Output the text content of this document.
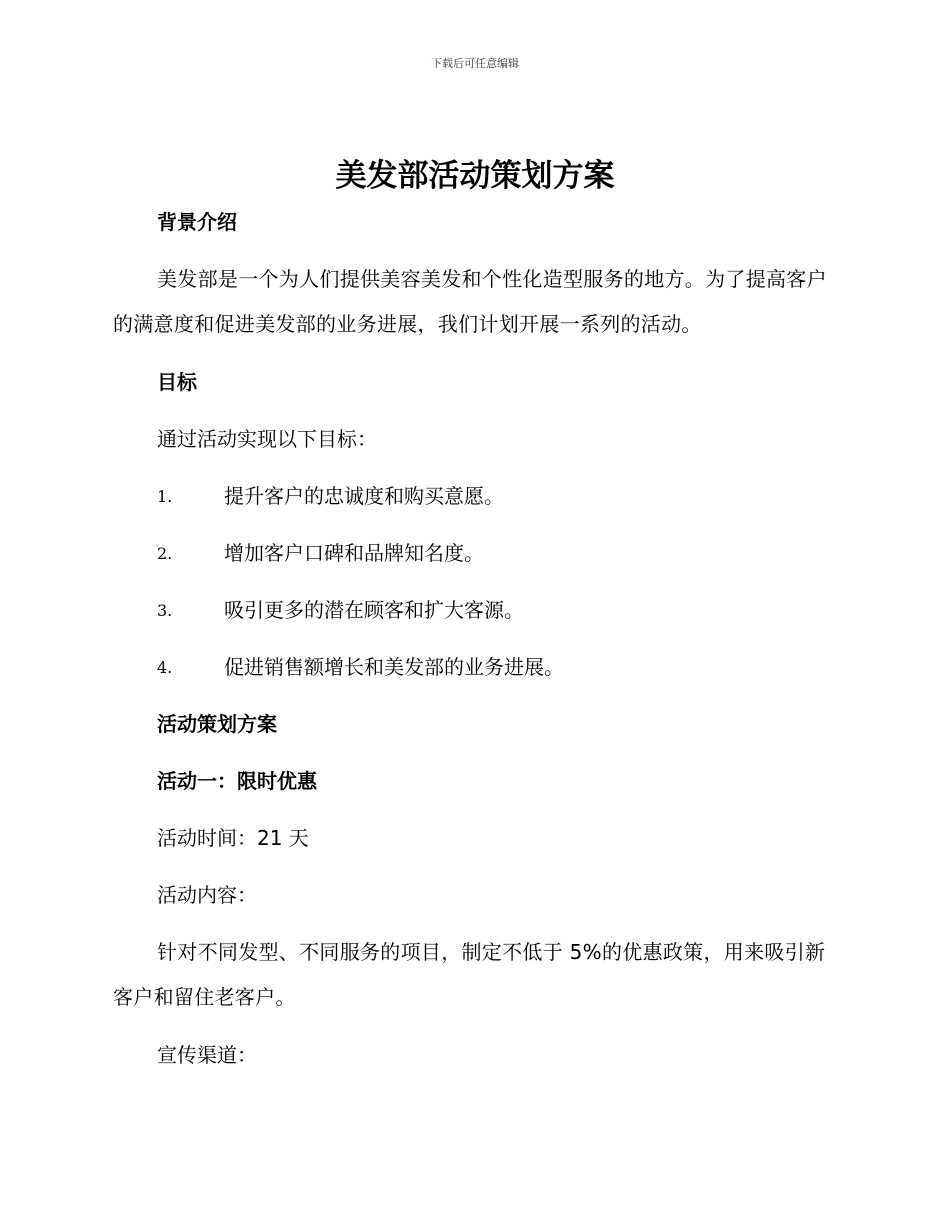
下载后可任意编辑
美发部活动策划方案
背景介绍

美发部是一个为人们提供美容美发和个性化造型服务的地方。为了提高客户的满意度和促进美发部的业务进展，我们计划开展一系列的活动。

目标
通过活动实现以下目标：
1.	提升客户的忠诚度和购买意愿。
2.	增加客户口碑和品牌知名度。
3.	吸引更多的潜在顾客和扩大客源。
4.	促进销售额增长和美发部的业务进展。
活动策划方案
活动一：限时优惠
活动时间：21 天
活动内容：

针对不同发型、不同服务的项目，制定不低于 5%的优惠政策，用来吸引新客户和留住老客户。

宣传渠道：
